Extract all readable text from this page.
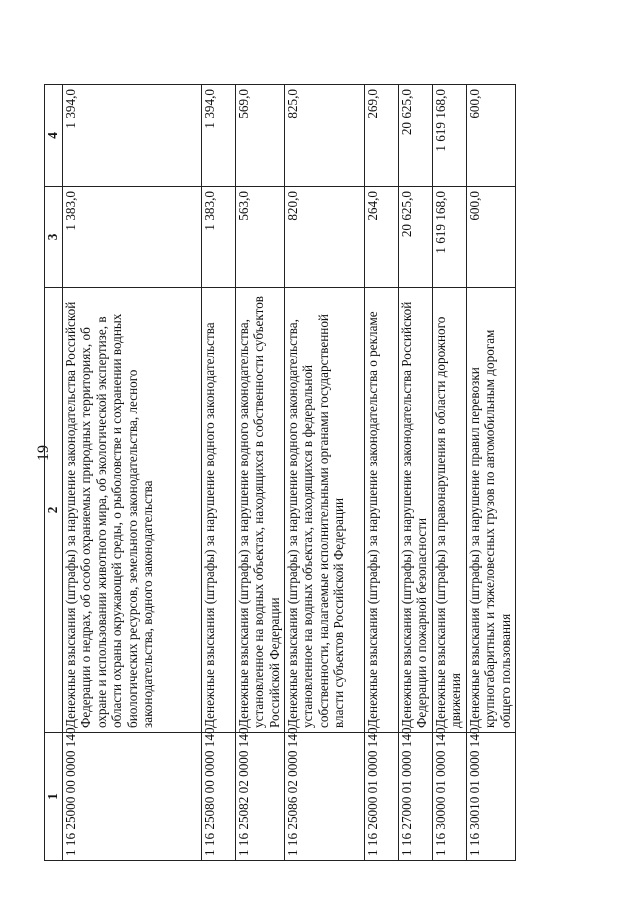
19
1	2	3	4
1 16 25000 00 0000 140	Денежные взыскания (штрафы) за нарушение законодательства Российской Федерации о недрах, об особо охраняемых природных территориях, об охране и использовании животного мира, об экологической экспертизе, в области охраны окружающей среды, о рыболовстве и сохранении водных биологических ресурсов, земельного законодательства, лесного законодательства, водного законодательства	1 383,0	1 394,0
1 16 25080 00 0000 140	Денежные взыскания (штрафы) за нарушение водного законодательства	1 383,0	1 394,0
1 16 25082 02 0000 140	Денежные взыскания (штрафы) за нарушение водного законодательства, установленное на водных объектах, находящихся в собственности субъектов Российской Федерации	563,0	569,0
1 16 25086 02 0000 140	Денежные взыскания (штрафы) за нарушение водного законодательства, установленное на водных объектах, находящихся в федеральной собственности, налагаемые исполнительными органами государственной власти субъектов Российской Федерации	820,0	825,0
1 16 26000 01 0000 140	Денежные взыскания (штрафы) за нарушение законодательства о рекламе	264,0	269,0
1 16 27000 01 0000 140	Денежные взыскания (штрафы) за нарушение законодательства Российской Федерации о пожарной безопасности	20 625,0	20 625,0
1 16 30000 01 0000 140	Денежные взыскания (штрафы) за правонарушения в области дорожного движения	1 619 168,0	1 619 168,0
1 16 30010 01 0000 140	Денежные взыскания (штрафы) за нарушение правил перевозки крупногабаритных и тяжеловесных грузов по автомобильным дорогам общего пользования	600,0	600,0
